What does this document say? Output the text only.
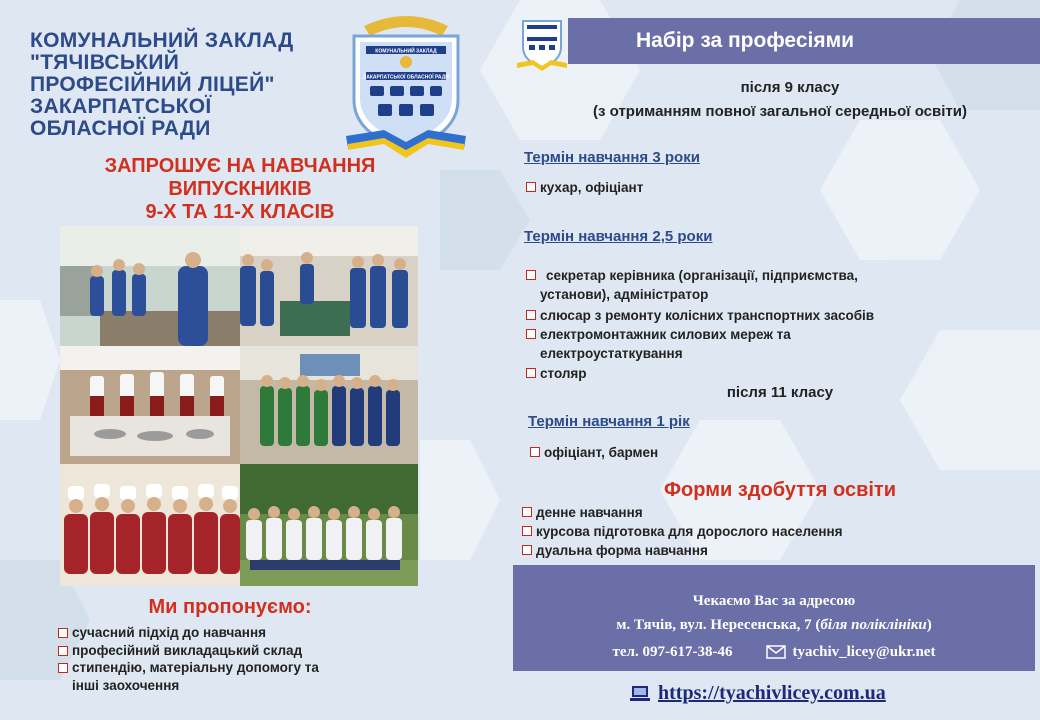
КОМУНАЛЬНИЙ ЗАКЛАД
"ТЯЧІВСЬКИЙ
ПРОФЕСІЙНИЙ ЛІЦЕЙ"
ЗАКАРПАТСЬКОЇ
ОБЛАСНОЇ РАДИ
КОМУНАЛЬНИЙ ЗАКЛАД
ЗАКАРПАТСЬКОЇ ОБЛАСНОЇ РАДИ
ЗАПРОШУЄ НА НАВЧАННЯ
ВИПУСКНИКІВ
9-Х ТА 11-Х КЛАСІВ
Ми пропонуємо:
сучасний підхід до навчання
професійний викладацький склад
стипендію, матеріальну допомогу та
інші заохочення
Набір за професіями
після 9 класу
(з отриманням повної загальної середньої освіти)
Термін навчання 3 роки
кухар, офіціант
Термін навчання 2,5 роки
секретар керівника (організації, підприємства,
установи), адміністратор
слюсар з ремонту колісних транспортних засобів
електромонтажник силових мереж та
електроустаткування
столяр
після 11 класу
Термін навчання 1 рік
офіціант, бармен
Форми здобуття освіти
денне навчання
курсова підготовка для дорослого населення
дуальна форма навчання
Чекаємо Вас за адресою
м. Тячів, вул. Нересенська, 7 (біля поліклініки)
тел. 097-617-38-46	tyachiv_licey@ukr.net
https://tyachivlicey.com.ua
